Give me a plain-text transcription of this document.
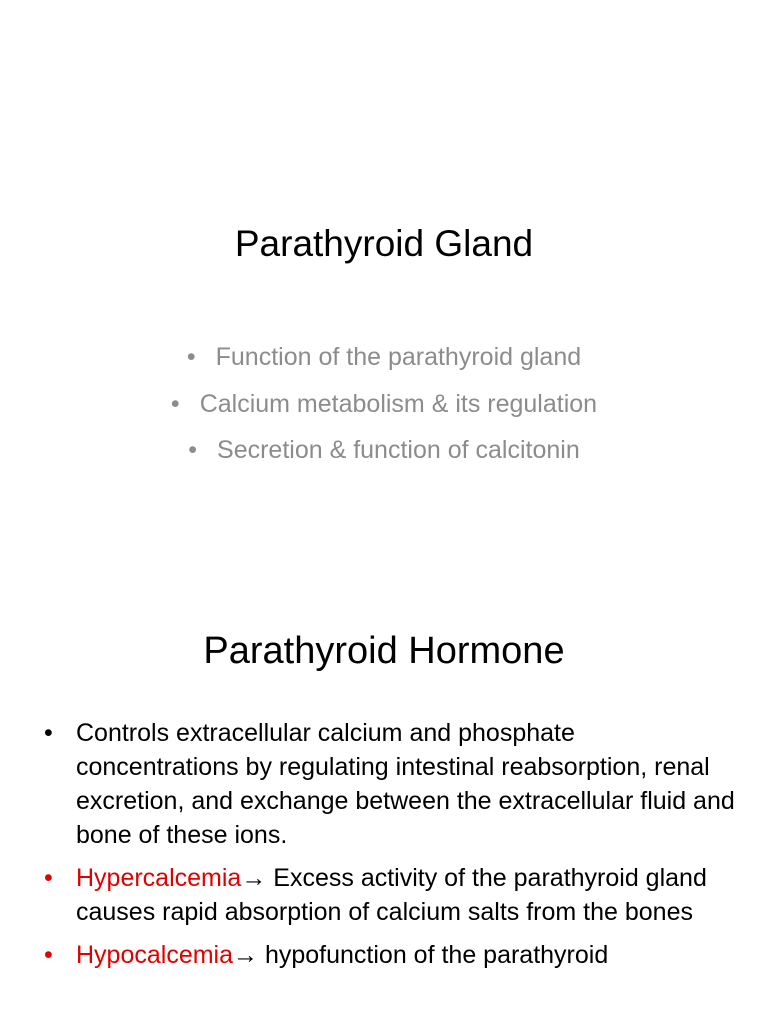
Parathyroid Gland
• Function of the parathyroid gland
• Calcium metabolism & its regulation
• Secretion & function of calcitonin
Parathyroid Hormone
• Controls extracellular calcium and phosphate concentrations by regulating intestinal reabsorption, renal excretion, and exchange between the extracellular fluid and bone of these ions.
• Hypercalcemia→ Excess activity of the parathyroid gland causes rapid absorption of calcium salts from the bones
• Hypocalcemia→ hypofunction of the parathyroid
